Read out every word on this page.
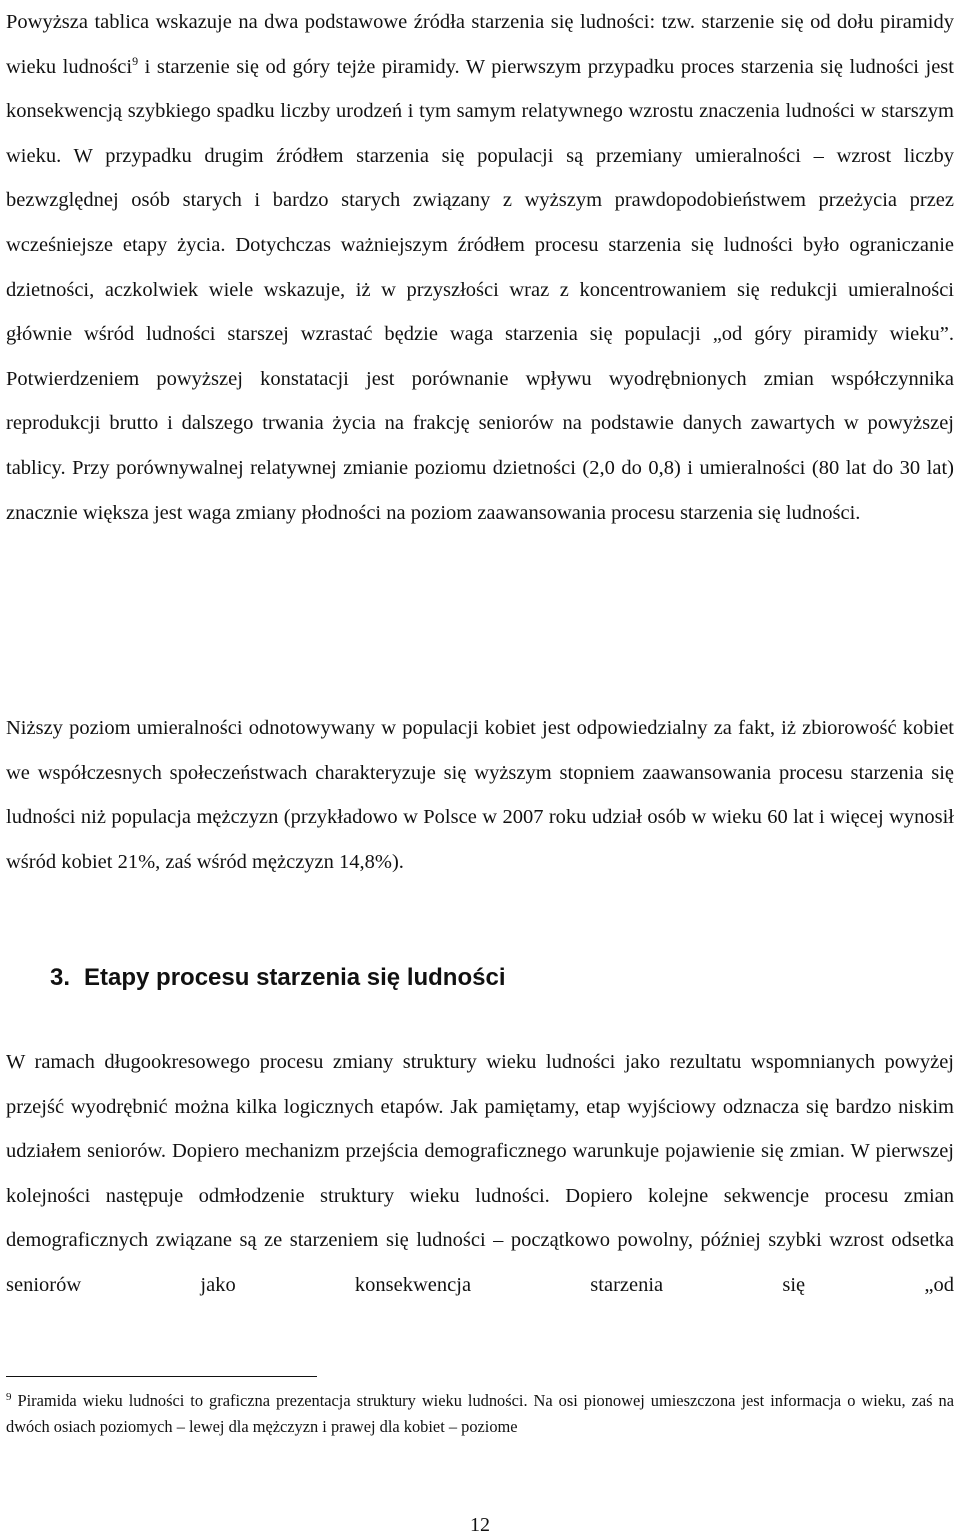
Powyższa tablica wskazuje na dwa podstawowe źródła starzenia się ludności: tzw. starzenie się od dołu piramidy wieku ludności$^9$ i starzenie się od góry tejże piramidy. W pierwszym przypadku proces starzenia się ludności jest konsekwencją szybkiego spadku liczby urodzeń i tym samym relatywnego wzrostu znaczenia ludności w starszym wieku. W przypadku drugim źródłem starzenia się populacji są przemiany umieralności – wzrost liczby bezwzględnej osób starych i bardzo starych związany z wyższym prawdopodobieństwem przeżycia przez wcześniejsze etapy życia. Dotychczas ważniejszym źródłem procesu starzenia się ludności było ograniczanie dzietności, aczkolwiek wiele wskazuje, iż w przyszłości wraz z koncentrowaniem się redukcji umieralności głównie wśród ludności starszej wzrastać będzie waga starzenia się populacji „od góry piramidy wieku”. Potwierdzeniem powyższej konstatacji jest porównanie wpływu wyodrębnionych zmian współczynnika reprodukcji brutto i dalszego trwania życia na frakcję seniorów na podstawie danych zawartych w powyższej tablicy. Przy porównywalnej relatywnej zmianie poziomu dzietności (2,0 do 0,8) i umieralności (80 lat do 30 lat) znacznie większa jest waga zmiany płodności na poziom zaawansowania procesu starzenia się ludności.

Niższy poziom umieralności odnotowywany w populacji kobiet jest odpowiedzialny za fakt, iż zbiorowość kobiet we współczesnych społeczeństwach charakteryzuje się wyższym stopniem zaawansowania procesu starzenia się ludności niż populacja mężczyzn (przykładowo w Polsce w 2007 roku udział osób w wieku 60 lat i więcej wynosił wśród kobiet 21%, zaś wśród mężczyzn 14,8%).

3. Etapy procesu starzenia się ludności

W ramach długookresowego procesu zmiany struktury wieku ludności jako rezultatu wspomnianych powyżej przejść wyodrębnić można kilka logicznych etapów. Jak pamiętamy, etap wyjściowy odznacza się bardzo niskim udziałem seniorów. Dopiero mechanizm przejścia demograficznego warunkuje pojawienie się zmian. W pierwszej kolejności następuje odmłodzenie struktury wieku ludności. Dopiero kolejne sekwencje procesu zmian demograficznych związane są ze starzeniem się ludności – początkowo powolny, później szybki wzrost odsetka seniorów jako konsekwencja starzenia się „od

$^9$ Piramida wieku ludności to graficzna prezentacja struktury wieku ludności. Na osi pionowej umieszczona jest informacja o wieku, zaś na dwóch osiach poziomych – lewej dla mężczyzn i prawej dla kobiet – poziome

12
